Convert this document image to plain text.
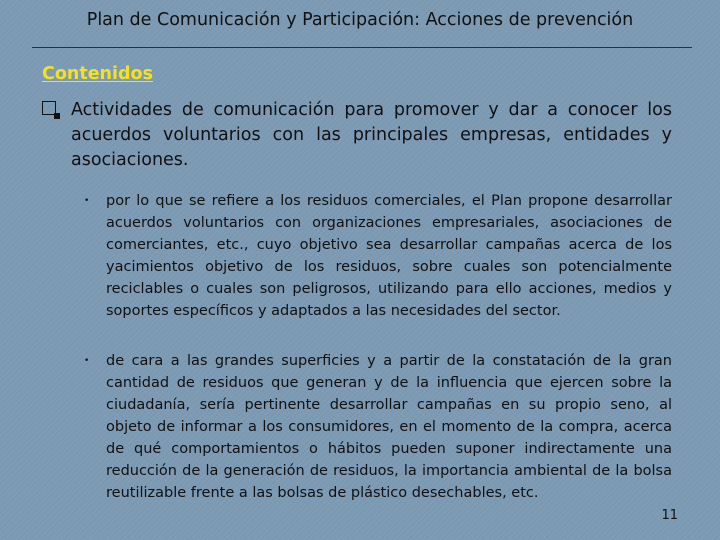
Plan de Comunicación y Participación: Acciones de prevención
Contenidos
Actividades de comunicación para promover y dar a conocer los acuerdos voluntarios con las principales empresas, entidades y asociaciones.
•	por lo que se refiere a los residuos comerciales, el Plan propone desarrollar acuerdos voluntarios con organizaciones empresariales, asociaciones de comerciantes, etc., cuyo objetivo sea desarrollar campañas acerca de los yacimientos objetivo de los residuos, sobre cuales son potencialmente reciclables o cuales son peligrosos, utilizando para ello acciones, medios y soportes específicos y adaptados a las necesidades del sector.
•	de cara a las grandes superficies y a partir de la constatación de la gran cantidad de residuos que generan y de la influencia que ejercen sobre la ciudadanía, sería pertinente desarrollar campañas en su propio seno, al objeto de informar a los consumidores, en el momento de la compra, acerca de qué comportamientos o hábitos pueden suponer indirectamente una reducción de la generación de residuos, la importancia ambiental de la bolsa reutilizable frente a las bolsas de plástico desechables, etc.
11
